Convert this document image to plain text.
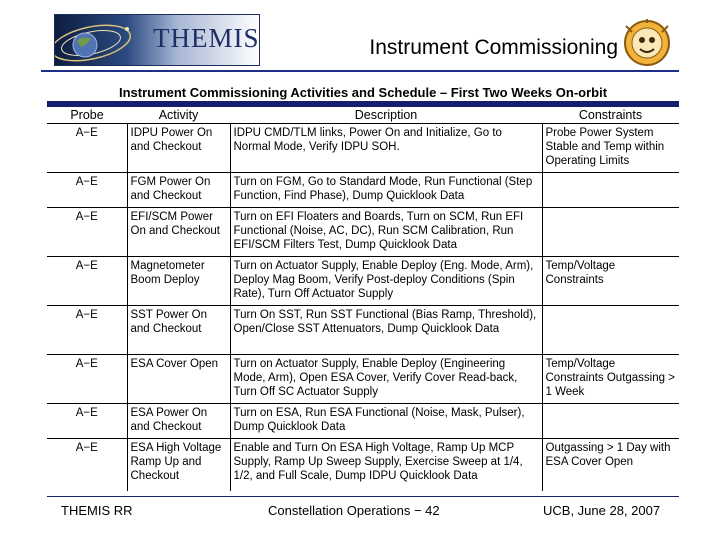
THEMIS	Instrument Commissioning
Instrument Commissioning Activities and Schedule – First Two Weeks On-orbit
Probe	Activity	Description	Constraints
A−E	IDPU Power On and Checkout	IDPU CMD/TLM links, Power On and Initialize, Go to Normal Mode, Verify IDPU SOH.	Probe Power System Stable and Temp within Operating Limits
A−E	FGM Power On and Checkout	Turn on FGM, Go to Standard Mode, Run Functional (Step Function, Find Phase), Dump Quicklook Data	
A−E	EFI/SCM Power On and Checkout	Turn on EFI Floaters and Boards, Turn on SCM, Run EFI Functional (Noise, AC, DC), Run SCM Calibration, Run EFI/SCM Filters Test, Dump Quicklook Data	
A−E	Magnetometer Boom Deploy	Turn on Actuator Supply, Enable Deploy (Eng. Mode, Arm), Deploy Mag Boom, Verify Post-deploy Conditions (Spin Rate), Turn Off Actuator Supply	Temp/Voltage Constraints
A−E	SST Power On and Checkout	Turn On SST, Run SST Functional (Bias Ramp, Threshold), Open/Close SST Attenuators, Dump Quicklook Data	
A−E	ESA Cover Open	Turn on Actuator Supply, Enable Deploy (Engineering Mode, Arm), Open ESA Cover, Verify Cover Read-back, Turn Off SC Actuator Supply	Temp/Voltage Constraints Outgassing > 1 Week
A−E	ESA Power On and Checkout	Turn on ESA, Run ESA Functional (Noise, Mask, Pulser), Dump Quicklook Data	
A−E	ESA High Voltage Ramp Up and Checkout	Enable and Turn On ESA High Voltage, Ramp Up MCP Supply, Ramp Up Sweep Supply, Exercise Sweep at 1/4, 1/2, and Full Scale, Dump IDPU Quicklook Data	Outgassing > 1 Day with ESA Cover Open
THEMIS RR	Constellation Operations − 42	UCB, June 28, 2007
